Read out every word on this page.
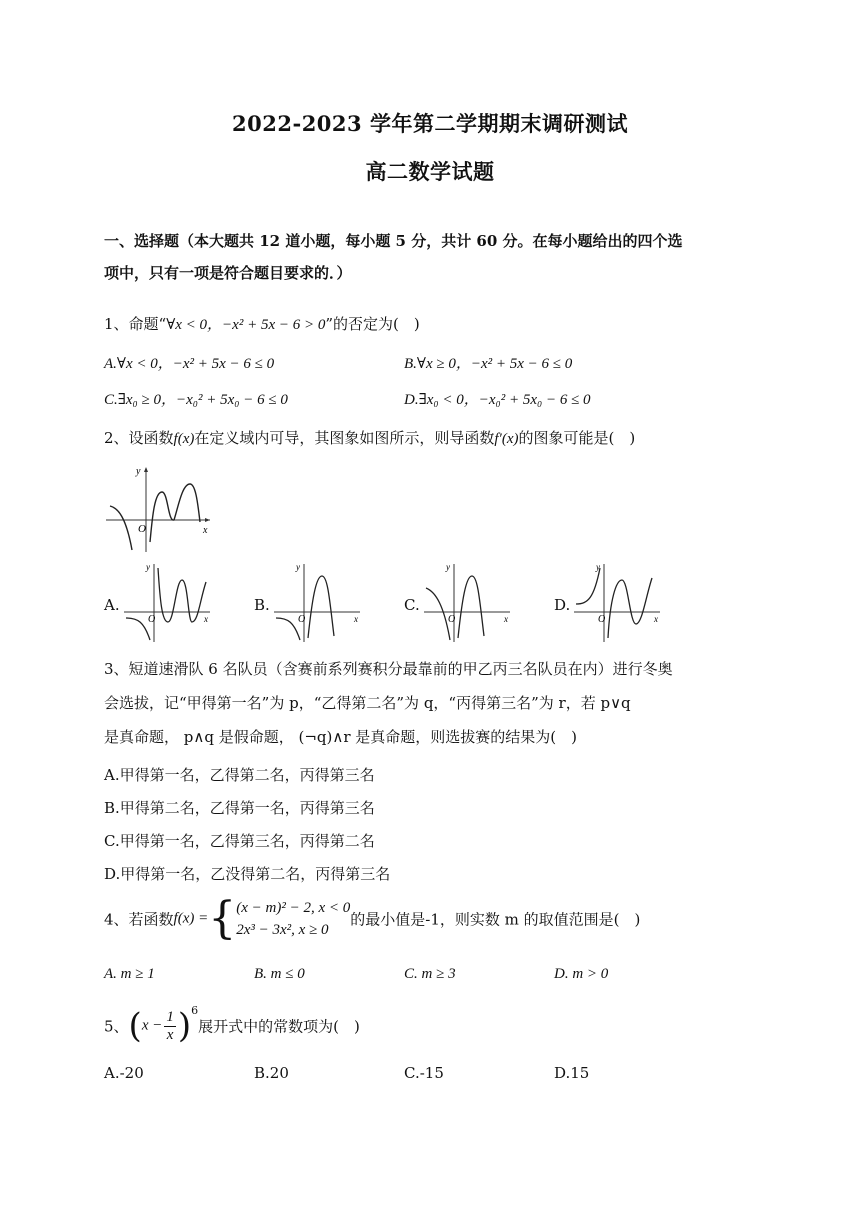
2022-2023 学年第二学期期末调研测试
高二数学试题
一、选择题（本大题共 12 道小题，每小题 5 分，共计 60 分。在每小题给出的四个选
项中，只有一项是符合题目要求的．）
1、命题“∀x < 0，−x² + 5x − 6 > 0”的否定为(　)
A.∀x < 0，−x² + 5x − 6 ≤ 0	B.∀x ≥ 0，−x² + 5x − 6 ≤ 0
C.∃x₀ ≥ 0，−x₀² + 5x₀ − 6 ≤ 0	D.∃x₀ < 0，−x₀² + 5x₀ − 6 ≤ 0
2、设函数f(x)在定义域内可导，其图象如图所示，则导函数f′(x)的图象可能是(　)
x
y
O
A.
x
y
O
B.
x
y
O
C.
x
y
O
D.
x
y
O
3、短道速滑队 6 名队员（含赛前系列赛积分最靠前的甲乙丙三名队员在内）进行冬奥
会选拔，记“甲得第一名”为 p，“乙得第二名”为 q，“丙得第三名”为 r，若 p∨q
是真命题， p∧q 是假命题， (¬q)∧r 是真命题，则选拔赛的结果为(　)
A.甲得第一名，乙得第二名，丙得第三名
B.甲得第二名，乙得第一名，丙得第三名
C.甲得第一名，乙得第三名，丙得第二名
D.甲得第一名，乙没得第二名，丙得第三名
4、若函数f(x) ={ (x − m)² − 2, x < 0
2x³ − 3x², x ≥ 0
的最小值是-1，则实数 m 的取值范围是(　)
A. m ≥ 1	B. m ≤ 0	C. m ≥ 3	D. m > 0
5、$(x - \frac{1}{x} )^6$展开式中的常数项为(　)
A.-20	B.20	C.-15	D.15
